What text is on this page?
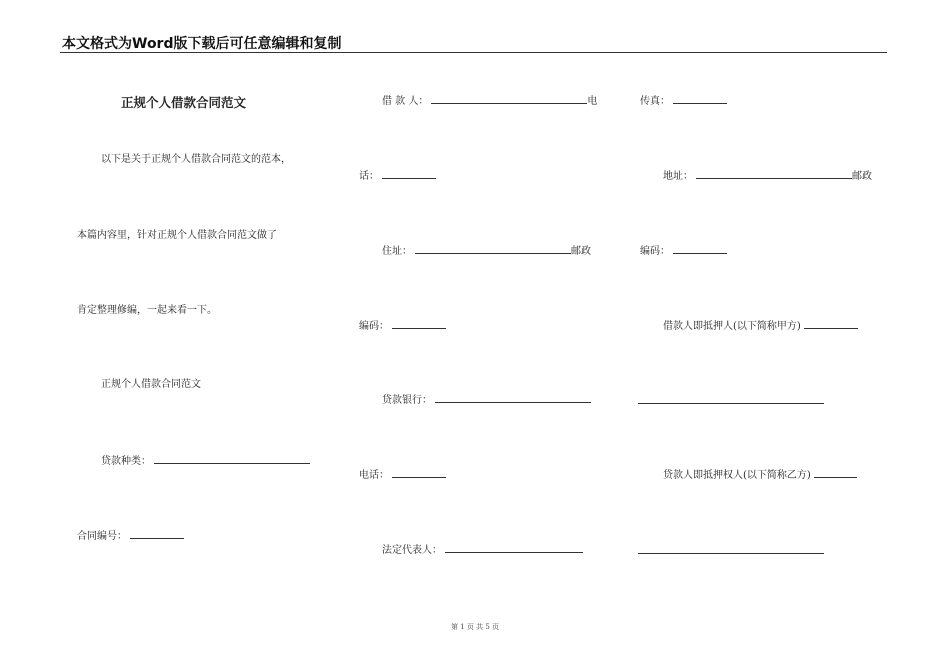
本文格式为Word版下载后可任意编辑和复制
正规个人借款合同范文
以下是关于正规个人借款合同范文的范本，
本篇内容里，针对正规个人借款合同范文做了
肯定整理修编，一起来看一下。
正规个人借款合同范文
贷款种类：
合同编号：
借 款 人：	电
话：
住址：	邮政
编码：
贷款银行：
电话：
法定代表人：
传真：
地址：	邮政
编码：
借款人即抵押人(以下简称甲方)
贷款人即抵押权人(以下简称乙方)
第 1 页 共 5 页
